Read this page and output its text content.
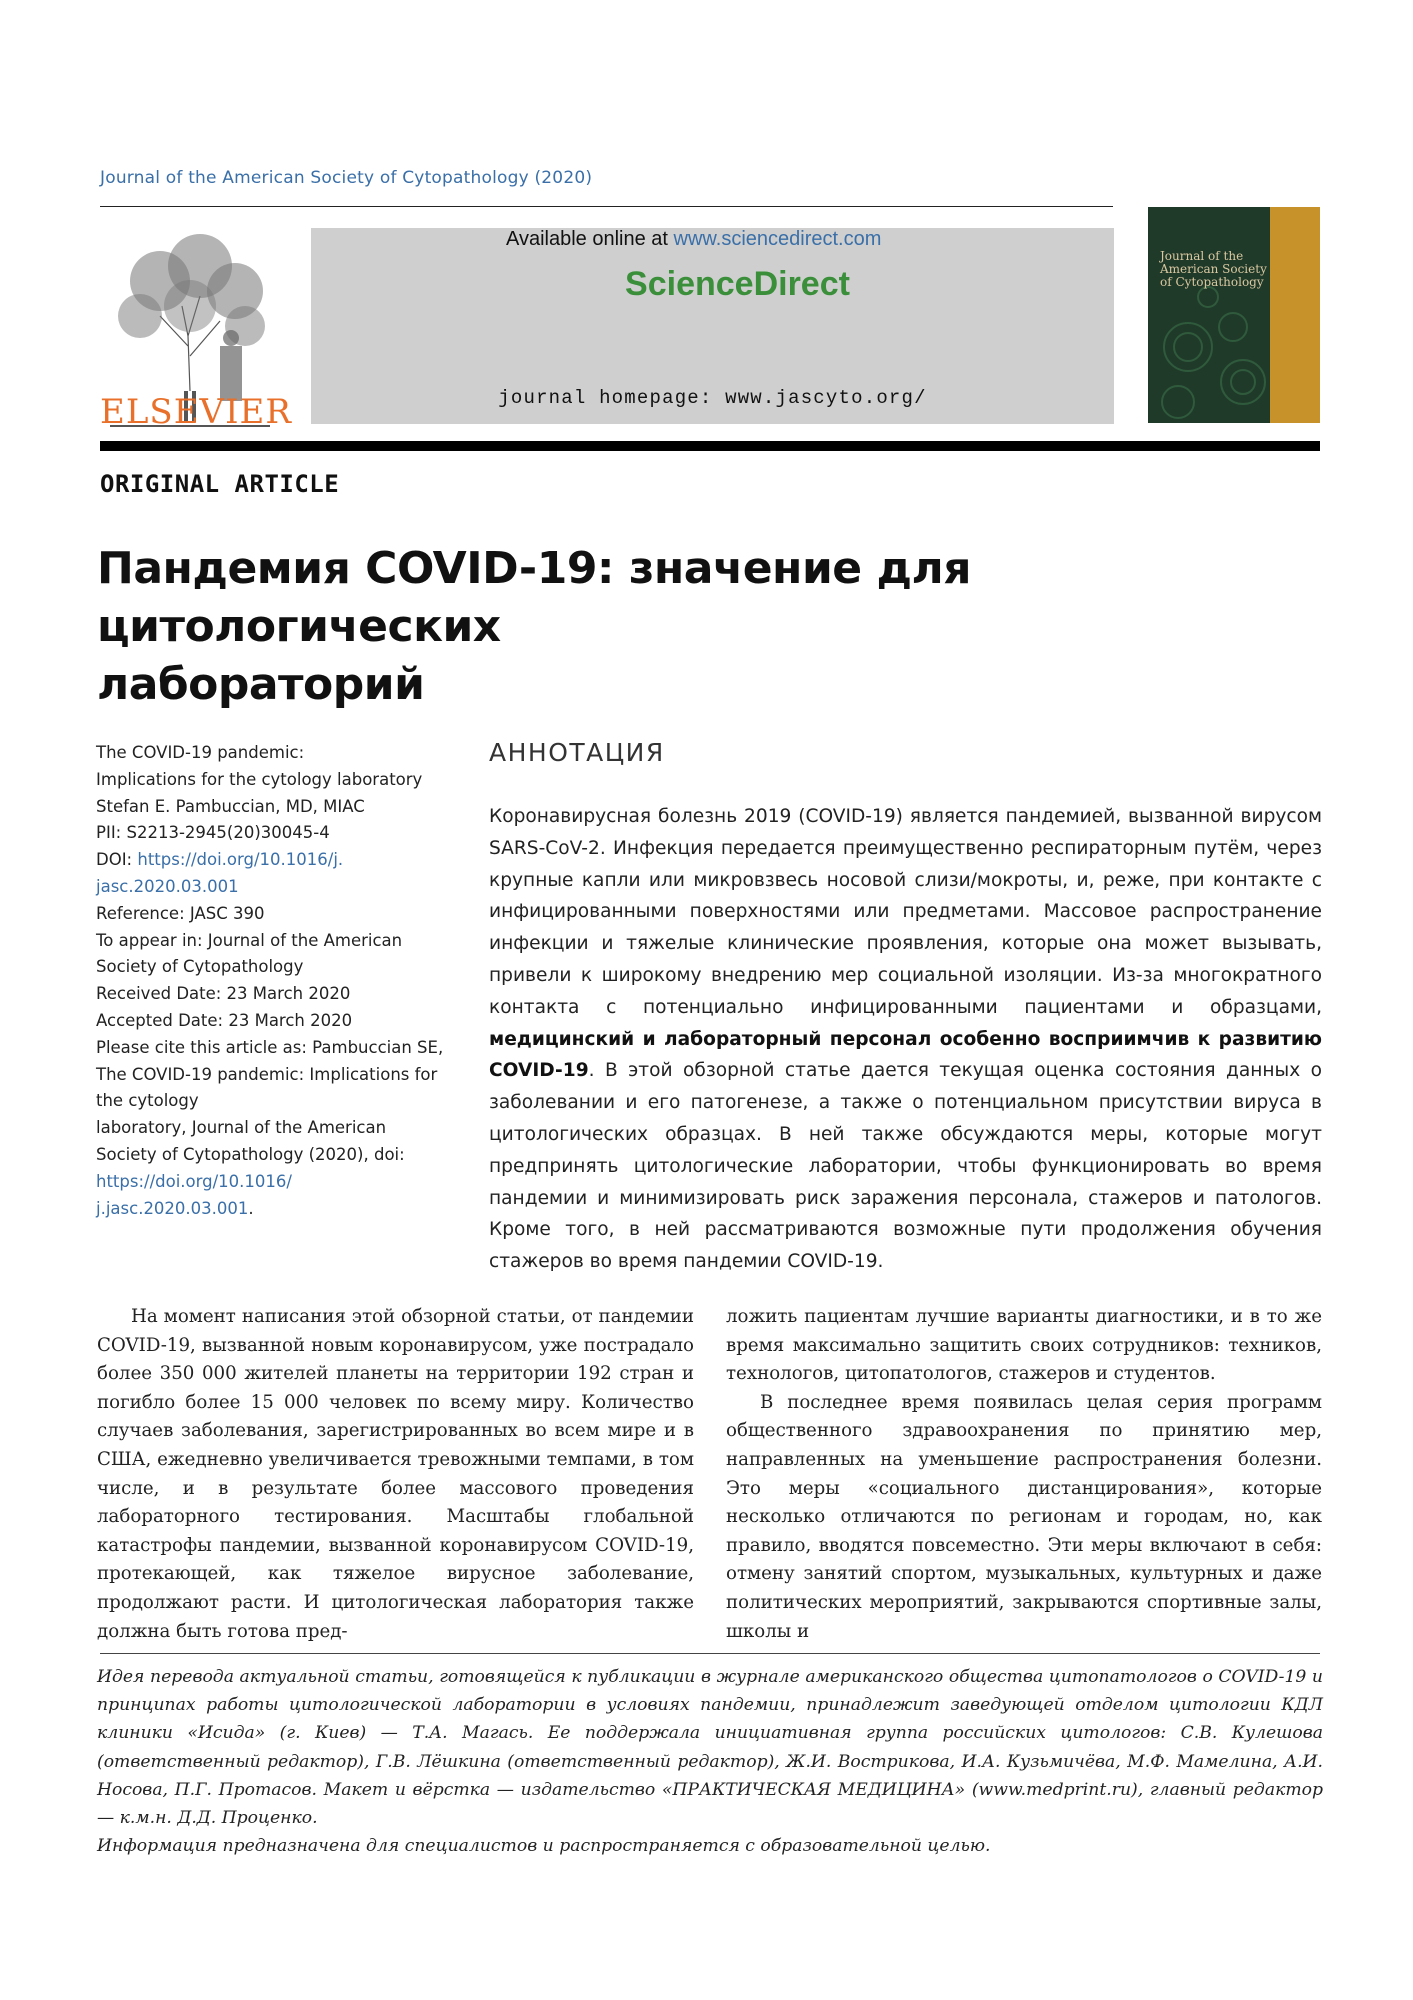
Journal of the American Society of Cytopathology (2020)
ELSEVIER
Available online at www.sciencedirect.com
ScienceDirect
journal homepage: www.jascyto.org/
Journal of the American Society of Cytopathology
ORIGINAL ARTICLE
Пандемия COVID-19: значение для цитологических
лабораторий
The COVID-19 pandemic:
Implications for the cytology laboratory
Stefan E. Pambuccian, MD, MIAC
PII: S2213-2945(20)30045-4
DOI: https://doi.org/10.1016/j.
jasc.2020.03.001
Reference: JASC 390
To appear in: Journal of the American
Society of Cytopathology
Received Date: 23 March 2020
Accepted Date: 23 March 2020
Please cite this article as: Pambuccian SE,
The COVID-19 pandemic: Implications for
the cytology
laboratory, Journal of the American
Society of Cytopathology (2020), doi:
https://doi.org/10.1016/
j.jasc.2020.03.001.
АННОТАЦИЯ
Коронавирусная болезнь 2019 (COVID-19) является пандемией, вызванной вирусом SARS-CoV-2. Инфекция передается преимущественно респираторным путём, через крупные капли или микровзвесь носовой слизи/мокроты, и, реже, при контакте с инфицированными поверхностями или предметами. Массовое распространение инфекции и тяжелые клинические проявления, которые она может вызывать, привели к широкому внедрению мер социальной изоляции. Из-за многократного контакта с потенциально инфицированными пациентами и образцами, медицинский и лабораторный персонал особенно восприимчив к развитию COVID-19. В этой обзорной статье дается текущая оценка состояния данных о заболевании и его патогенезе, а также о потенциальном присутствии вируса в цитологических образцах. В ней также обсуждаются меры, которые могут предпринять цитологические лаборатории, чтобы функционировать во время пандемии и минимизировать риск заражения персонала, стажеров и патологов. Кроме того, в ней рассматриваются возможные пути продолжения обучения стажеров во время пандемии COVID-19.

На момент написания этой обзорной статьи, от пандемии COVID-19, вызванной новым коронавирусом, уже пострадало более 350 000 жителей планеты на территории 192 стран и погибло более 15 000 человек по всему миру. Количество случаев заболевания, зарегистрированных во всем мире и в США, ежедневно увеличивается тревожными темпами, в том числе, и в результате более массового проведения лабораторного тестирования. Масштабы глобальной катастрофы пандемии, вызванной коронавирусом COVID-19, протекающей, как тяжелое вирусное заболевание, продолжают расти. И цитологическая лаборатория также должна быть готова пред-

ложить пациентам лучшие варианты диагностики, и в то же время максимально защитить своих сотрудников: техников, технологов, цитопатологов, стажеров и студентов.

В последнее время появилась целая серия программ общественного здравоохранения по принятию мер, направленных на уменьшение распространения болезни. Это меры «социального дистанцирования», которые несколько отличаются по регионам и городам, но, как правило, вводятся повсеместно. Эти меры включают в себя: отмену занятий спортом, музыкальных, культурных и даже политических мероприятий, закрываются спортивные залы, школы и

Идея перевода актуальной статьи, готовящейся к публикации в журнале американского общества цитопатологов о COVID-19 и принципах работы цитологической лаборатории в условиях пандемии, принадлежит заведующей отделом цитологии КДЛ клиники «Исида» (г. Киев) — Т.А. Магась. Ее поддержала инициативная группа российских цитологов: С.В. Кулешова (ответственный редактор), Г.В. Лёшкина (ответственный редактор), Ж.И. Вострикова, И.А. Кузьмичёва, М.Ф. Мамелина, А.И. Носова, П.Г. Протасов. Макет и вёрстка — издательство «ПРАКТИЧЕСКАЯ МЕДИЦИНА» (www.medprint.ru), главный редактор — к.м.н. Д.Д. Проценко.

Информация предназначена для специалистов и распространяется с образовательной целью.
